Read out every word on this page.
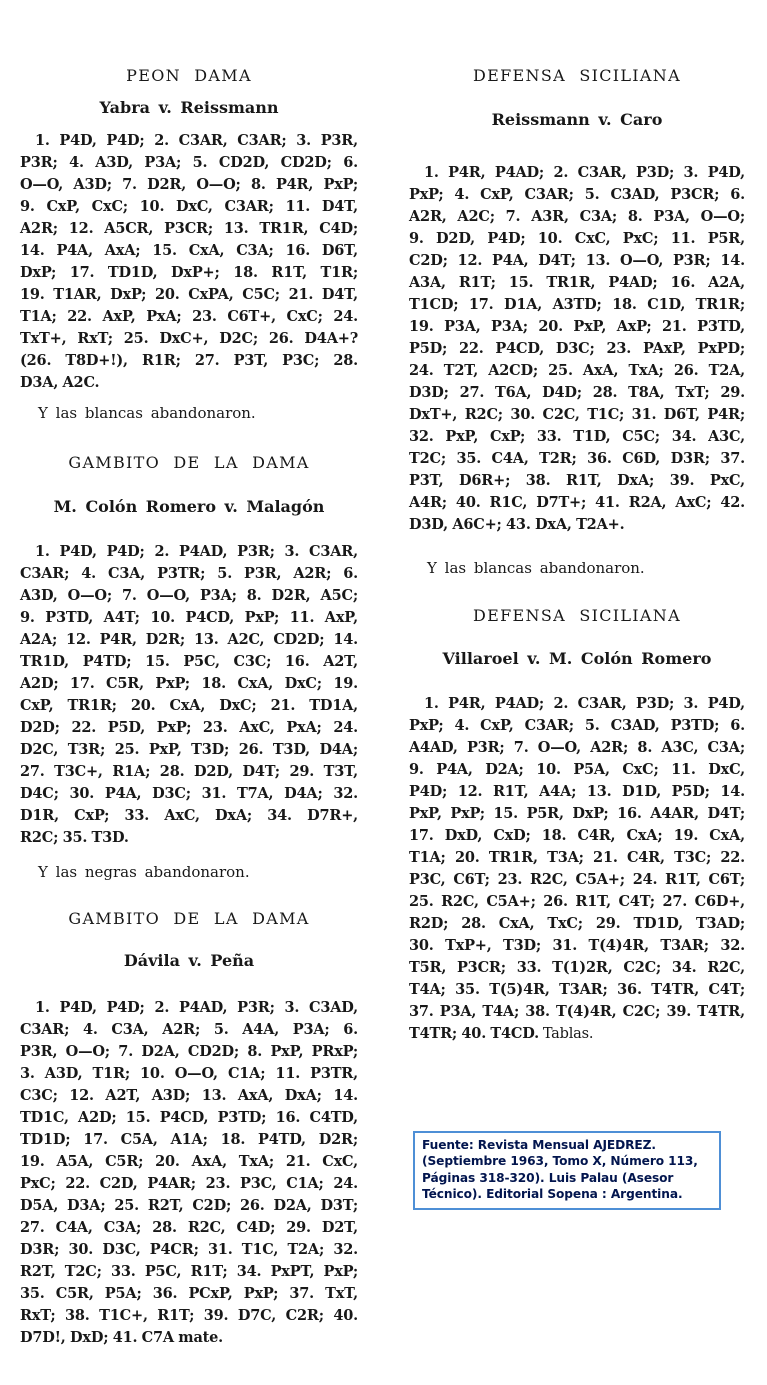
PEON DAMA
Yabra v. Reissmann
1. P4D, P4D; 2. C3AR, C3AR; 3. P3R,
P3R; 4. A3D, P3A; 5. CD2D, CD2D; 6.
O—O, A3D; 7. D2R, O—O; 8. P4R, PxP;
9. CxP, CxC; 10. DxC, C3AR; 11. D4T,
A2R; 12. A5CR, P3CR; 13. TR1R, C4D;
14. P4A, AxA; 15. CxA, C3A; 16. D6T,
DxP; 17. TD1D, DxP+; 18. R1T, T1R;
19. T1AR, DxP; 20. CxPA, C5C; 21. D4T,
T1A; 22. AxP, PxA; 23. C6T+, CxC; 24.
TxT+, RxT; 25. DxC+, D2C; 26. D4A+?
(26. T8D+!), R1R; 27. P3T, P3C; 28.
D3A, A2C.
Y las blancas abandonaron.
GAMBITO DE LA DAMA
M. Colón Romero v. Malagón
1. P4D, P4D; 2. P4AD, P3R; 3. C3AR,
C3AR; 4. C3A, P3TR; 5. P3R, A2R; 6.
A3D, O—O; 7. O—O, P3A; 8. D2R, A5C;
9. P3TD, A4T; 10. P4CD, PxP; 11. AxP,
A2A; 12. P4R, D2R; 13. A2C, CD2D; 14.
TR1D, P4TD; 15. P5C, C3C; 16. A2T,
A2D; 17. C5R, PxP; 18. CxA, DxC; 19.
CxP, TR1R; 20. CxA, DxC; 21. TD1A,
D2D; 22. P5D, PxP; 23. AxC, PxA; 24.
D2C, T3R; 25. PxP, T3D; 26. T3D, D4A;
27. T3C+, R1A; 28. D2D, D4T; 29. T3T,
D4C; 30. P4A, D3C; 31. T7A, D4A; 32.
D1R, CxP; 33. AxC, DxA; 34. D7R+,
R2C; 35. T3D.
Y las negras abandonaron.
GAMBITO DE LA DAMA
Dávila v. Peña
1. P4D, P4D; 2. P4AD, P3R; 3. C3AD,
C3AR; 4. C3A, A2R; 5. A4A, P3A; 6.
P3R, O—O; 7. D2A, CD2D; 8. PxP, PRxP;
3. A3D, T1R; 10. O—O, C1A; 11. P3TR,
C3C; 12. A2T, A3D; 13. AxA, DxA; 14.
TD1C, A2D; 15. P4CD, P3TD; 16. C4TD,
TD1D; 17. C5A, A1A; 18. P4TD, D2R;
19. A5A, C5R; 20. AxA, TxA; 21. CxC,
PxC; 22. C2D, P4AR; 23. P3C, C1A; 24.
D5A, D3A; 25. R2T, C2D; 26. D2A, D3T;
27. C4A, C3A; 28. R2C, C4D; 29. D2T,
D3R; 30. D3C, P4CR; 31. T1C, T2A; 32.
R2T, T2C; 33. P5C, R1T; 34. PxPT, PxP;
35. C5R, P5A; 36. PCxP, PxP; 37. TxT,
RxT; 38. T1C+, R1T; 39. D7C, C2R; 40.
D7D!, DxD; 41. C7A mate.
DEFENSA SICILIANA
Reissmann v. Caro
1. P4R, P4AD; 2. C3AR, P3D; 3. P4D,
PxP; 4. CxP, C3AR; 5. C3AD, P3CR; 6.
A2R, A2C; 7. A3R, C3A; 8. P3A, O—O;
9. D2D, P4D; 10. CxC, PxC; 11. P5R,
C2D; 12. P4A, D4T; 13. O—O, P3R; 14.
A3A, R1T; 15. TR1R, P4AD; 16. A2A,
T1CD; 17. D1A, A3TD; 18. C1D, TR1R;
19. P3A, P3A; 20. PxP, AxP; 21. P3TD,
P5D; 22. P4CD, D3C; 23. PAxP, PxPD;
24. T2T, A2CD; 25. AxA, TxA; 26. T2A,
D3D; 27. T6A, D4D; 28. T8A, TxT; 29.
DxT+, R2C; 30. C2C, T1C; 31. D6T, P4R;
32. PxP, CxP; 33. T1D, C5C; 34. A3C,
T2C; 35. C4A, T2R; 36. C6D, D3R; 37.
P3T, D6R+; 38. R1T, DxA; 39. PxC,
A4R; 40. R1C, D7T+; 41. R2A, AxC; 42.
D3D, A6C+; 43. DxA, T2A+.
Y las blancas abandonaron.
DEFENSA SICILIANA
Villaroel v. M. Colón Romero
1. P4R, P4AD; 2. C3AR, P3D; 3. P4D,
PxP; 4. CxP, C3AR; 5. C3AD, P3TD; 6.
A4AD, P3R; 7. O—O, A2R; 8. A3C, C3A;
9. P4A, D2A; 10. P5A, CxC; 11. DxC,
P4D; 12. R1T, A4A; 13. D1D, P5D; 14.
PxP, PxP; 15. P5R, DxP; 16. A4AR, D4T;
17. DxD, CxD; 18. C4R, CxA; 19. CxA,
T1A; 20. TR1R, T3A; 21. C4R, T3C; 22.
P3C, C6T; 23. R2C, C5A+; 24. R1T, C6T;
25. R2C, C5A+; 26. R1T, C4T; 27. C6D+,
R2D; 28. CxA, TxC; 29. TD1D, T3AD;
30. TxP+, T3D; 31. T(4)4R, T3AR; 32.
T5R, P3CR; 33. T(1)2R, C2C; 34. R2C,
T4A; 35. T(5)4R, T3AR; 36. T4TR, C4T;
37. P3A, T4A; 38. T(4)4R, C2C; 39. T4TR,
T4TR; 40. T4CD. Tablas.
Fuente: Revista Mensual AJEDREZ.
(Septiembre 1963, Tomo X, Número 113,
Páginas 318-320). Luis Palau (Asesor
Técnico). Editorial Sopena : Argentina.
